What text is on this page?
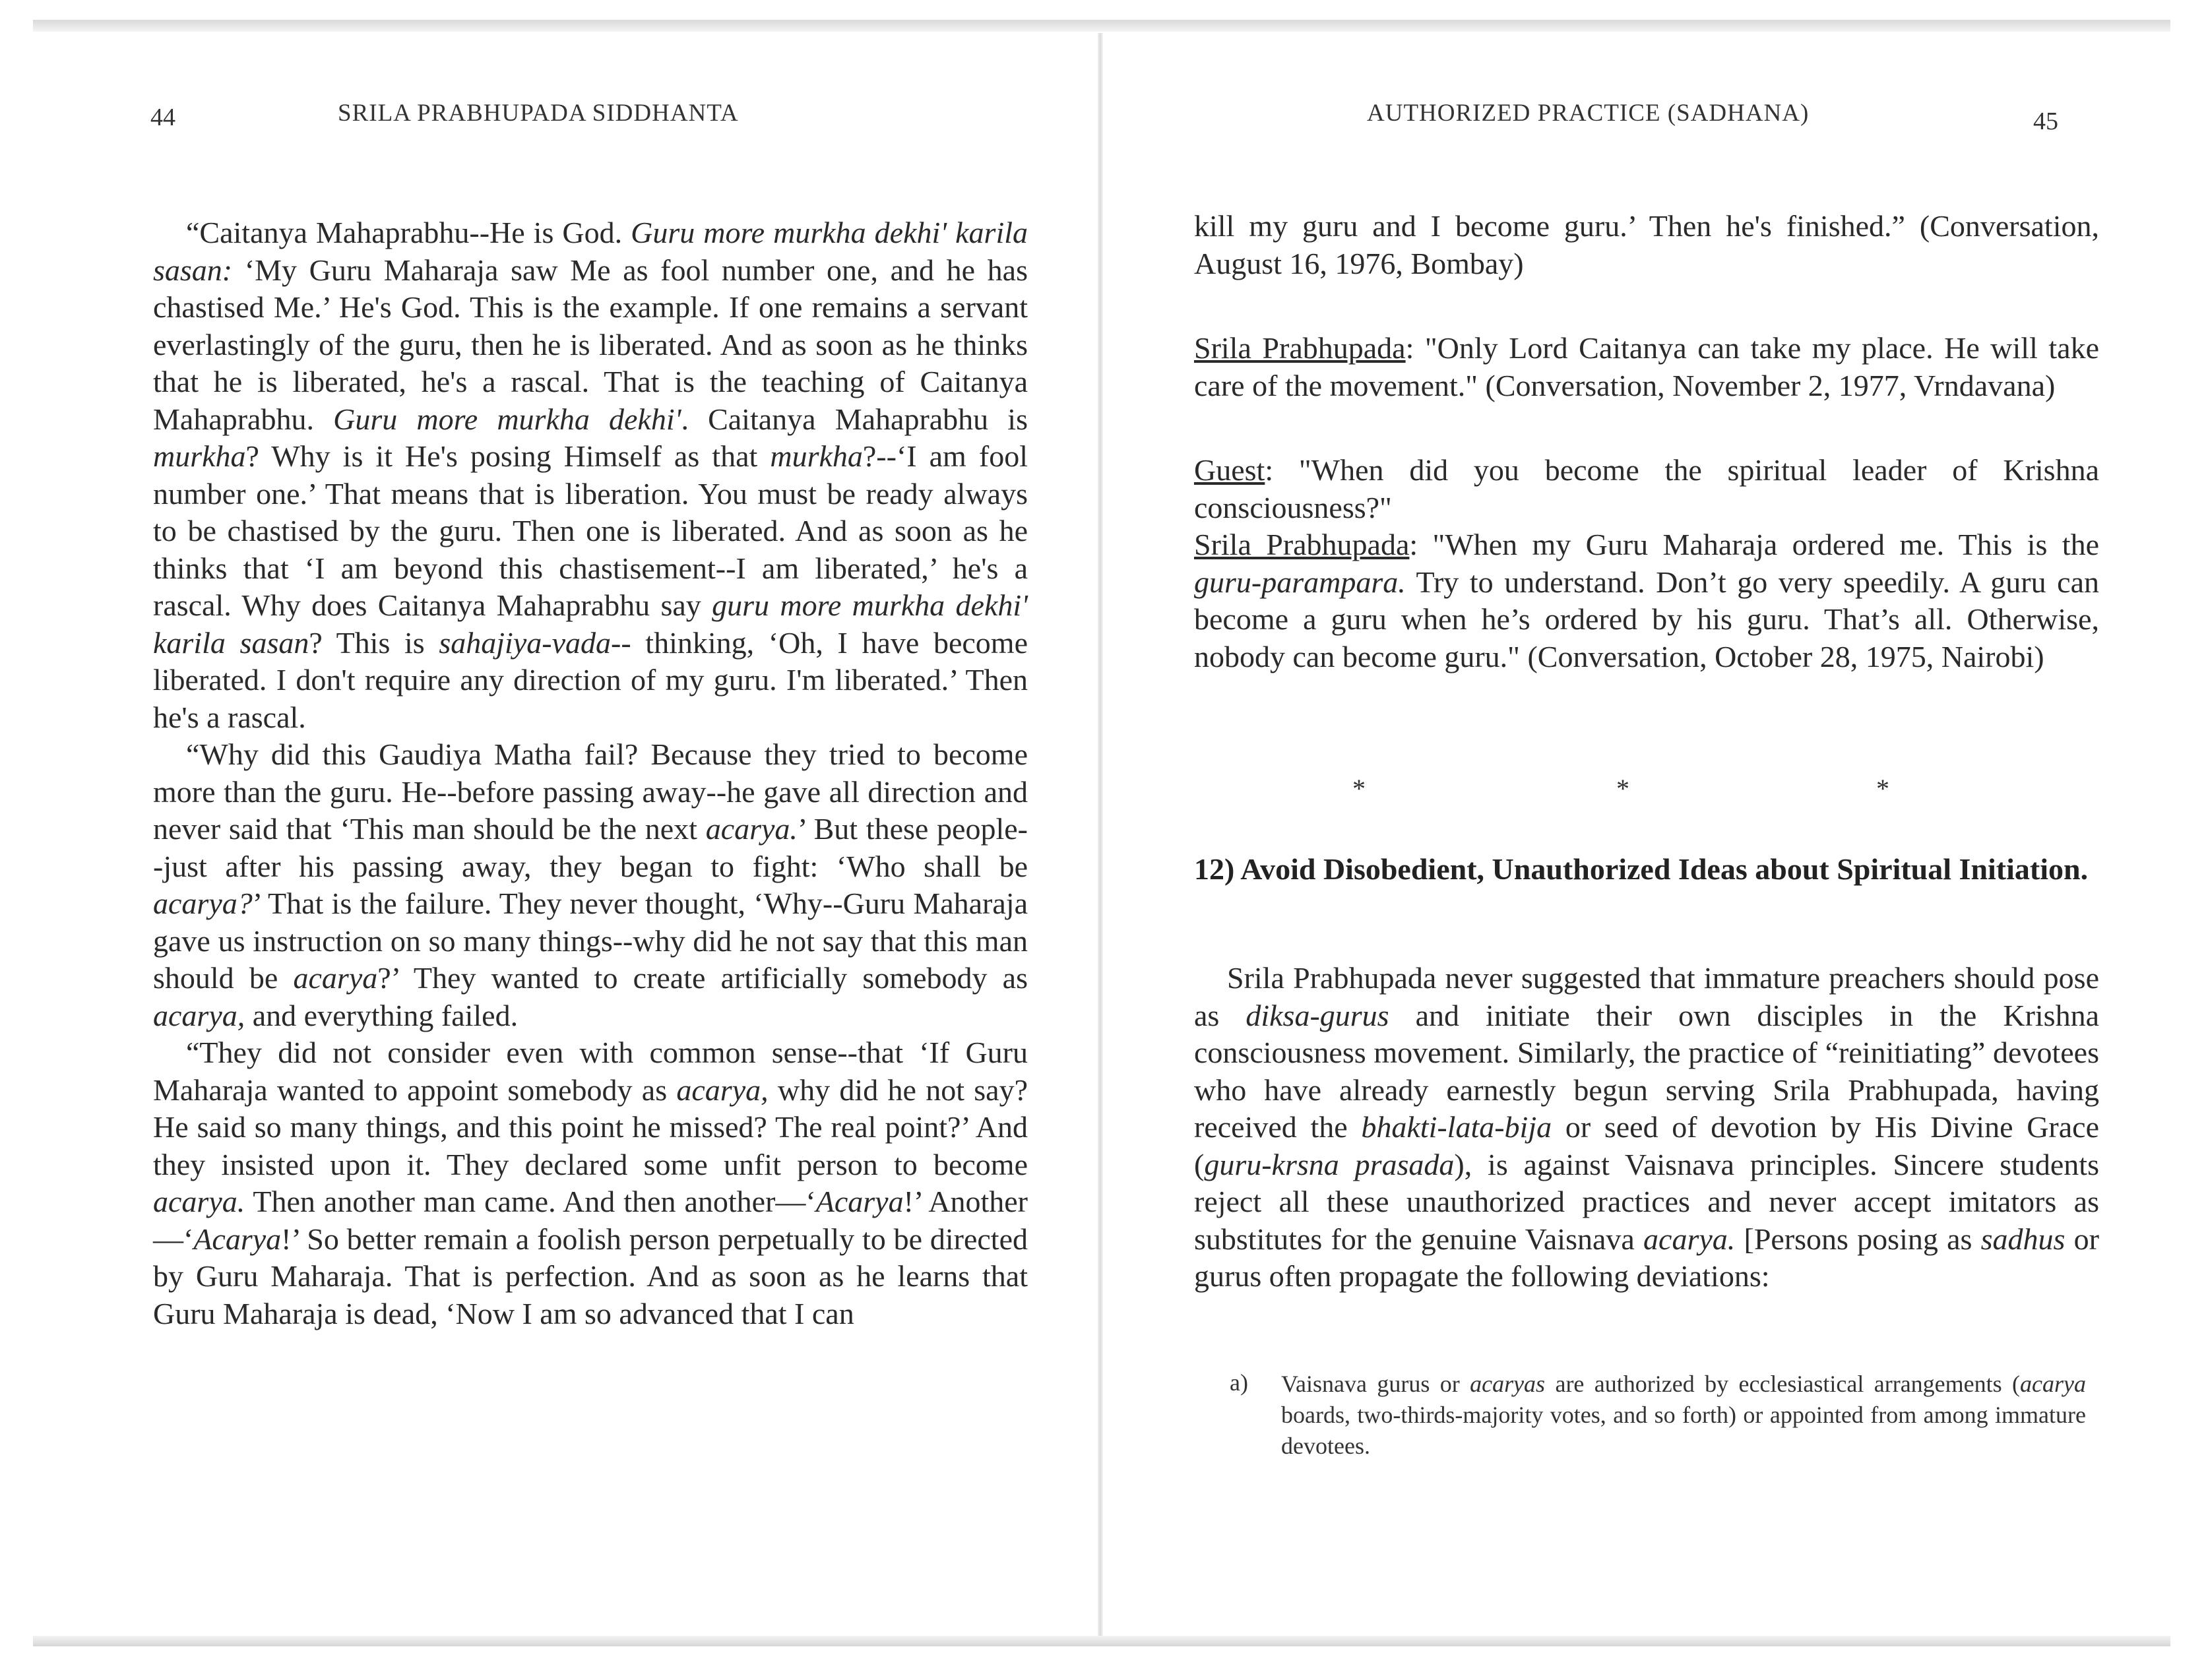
44	SRILA PRABHUPADA SIDDHANTA

“Caitanya Mahaprabhu--He is God. Guru more murkha dekhi' karila sasan: ‘My Guru Maharaja saw Me as fool number one, and he has chastised Me.’ He's God. This is the example. If one remains a servant everlastingly of the guru, then he is liberated. And as soon as he thinks that he is liberated, he's a rascal. That is the teaching of Caitanya Mahaprabhu. Guru more murkha dekhi'. Caitanya Mahaprabhu is murkha? Why is it He's posing Himself as that murkha?--‘I am fool number one.’ That means that is liberation. You must be ready always to be chastised by the guru. Then one is liberated. And as soon as he thinks that ‘I am beyond this chastisement--I am liberated,’ he's a rascal. Why does Caitanya Mahaprabhu say guru more murkha dekhi' karila sasan? This is sahajiya-vada-- thinking, ‘Oh, I have become liberated. I don't require any direction of my guru. I'm liberated.’ Then he's a rascal.

“Why did this Gaudiya Matha fail? Because they tried to become more than the guru. He--before passing away--he gave all direction and never said that ‘This man should be the next acarya.’ But these people--just after his passing away, they began to fight: ‘Who shall be acarya?’ That is the failure. They never thought, ‘Why--Guru Maharaja gave us instruction on so many things--why did he not say that this man should be acarya?’ They wanted to create artificially somebody as acarya, and everything failed.

“They did not consider even with common sense--that ‘If Guru Maharaja wanted to appoint somebody as acarya, why did he not say? He said so many things, and this point he missed? The real point?’ And they insisted upon it. They declared some unfit person to become acarya. Then another man came. And then another—‘Acarya!’ Another—‘Acarya!’ So better remain a foolish person perpetually to be directed by Guru Maharaja. That is perfection. And as soon as he learns that Guru Maharaja is dead, ‘Now I am so advanced that I can

AUTHORIZED PRACTICE (SADHANA)	45

kill my guru and I become guru.’ Then he's finished.” (Conversation, August 16, 1976, Bombay)

Srila Prabhupada: "Only Lord Caitanya can take my place. He will take care of the movement." (Conversation, November 2, 1977, Vrndavana)

Guest: "When did you become the spiritual leader of Krishna consciousness?"

Srila Prabhupada: "When my Guru Maharaja ordered me. This is the guru-parampara. Try to understand. Don’t go very speedily. A guru can become a guru when he’s ordered by his guru. That’s all. Otherwise, nobody can become guru." (Conversation, October 28, 1975, Nairobi)

*	*	*
12) Avoid Disobedient, Unauthorized Ideas about Spiritual Initiation.

Srila Prabhupada never suggested that immature preachers should pose as diksa-gurus and initiate their own disciples in the Krishna consciousness movement. Similarly, the practice of “reinitiating” devotees who have already earnestly begun serving Srila Prabhupada, having received the bhakti-lata-bija or seed of devotion by His Divine Grace (guru-krsna prasada), is against Vaisnava principles. Sincere students reject all these unauthorized practices and never accept imitators as substitutes for the genuine Vaisnava acarya. [Persons posing as sadhus or gurus often propagate the following deviations:

a) Vaisnava gurus or acaryas are authorized by ecclesiastical arrangements (acarya boards, two-thirds-majority votes, and so forth) or appointed from among immature devotees.
